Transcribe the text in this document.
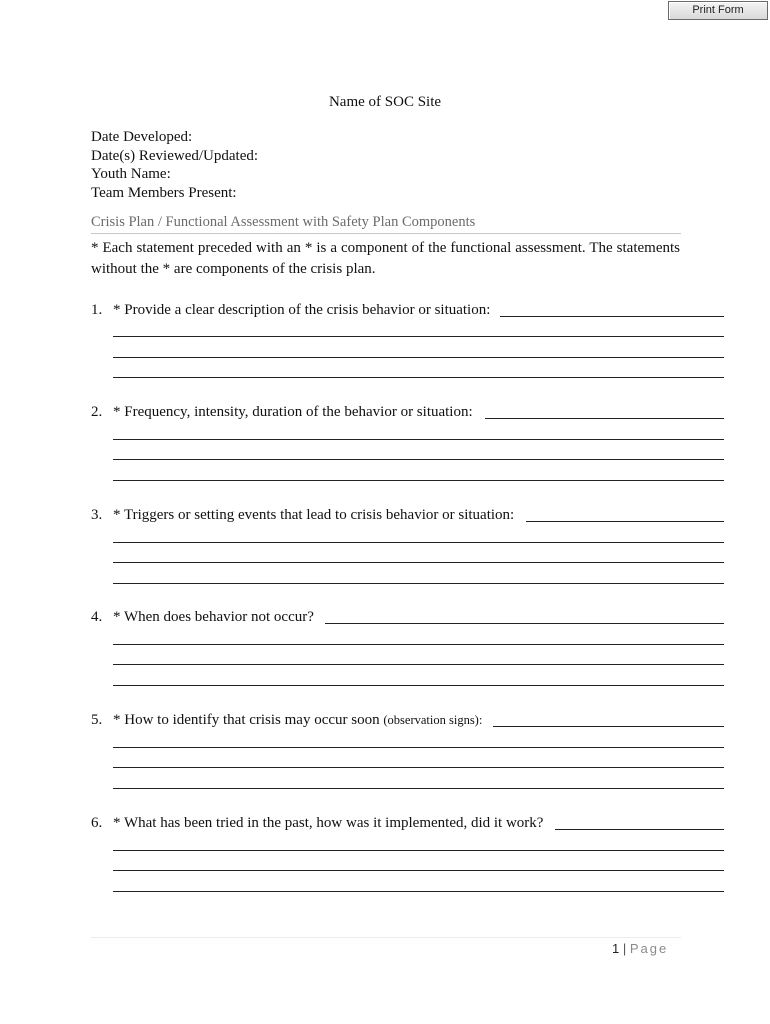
Print Form
Name of SOC Site
Date Developed:
Date(s) Reviewed/Updated:
Youth Name:
Team Members Present:
Crisis Plan / Functional Assessment with Safety Plan Components
* Each statement preceded with an * is a component of the functional assessment. The statements without the * are components of the crisis plan.
1. * Provide a clear description of the crisis behavior or situation:
2. * Frequency, intensity, duration of the behavior or situation:
3. * Triggers or setting events that lead to crisis behavior or situation:
4. * When does behavior not occur?
5. * How to identify that crisis may occur soon (observation signs):
6. * What has been tried in the past, how was it implemented, did it work?
1 | Page
